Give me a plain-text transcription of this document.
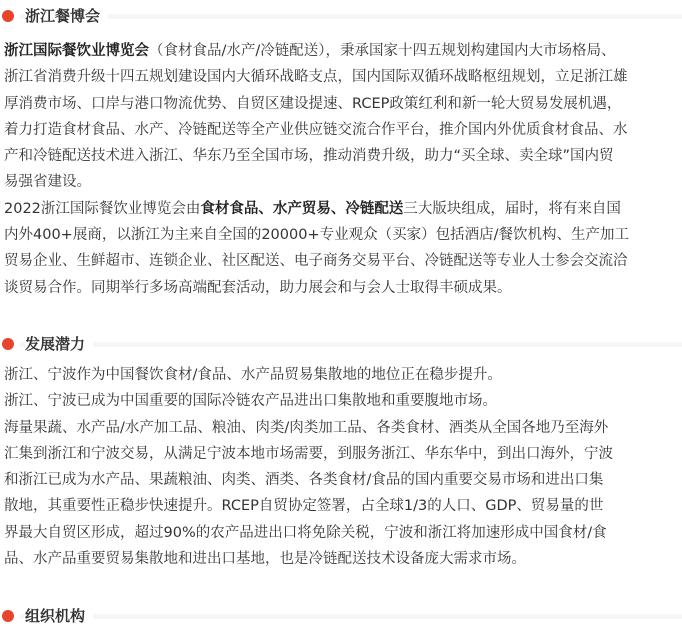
浙江餐博会
浙江国际餐饮业博览会（食材食品/水产/冷链配送），秉承国家十四五规划构建国内大市场格局、
浙江省消费升级十四五规划建设国内大循环战略支点，国内国际双循环战略枢纽规划，立足浙江雄
厚消费市场、口岸与港口物流优势、自贸区建设提速、RCEP政策红利和新一轮大贸易发展机遇，
着力打造食材食品、水产、冷链配送等全产业供应链交流合作平台，推介国内外优质食材食品、水
产和冷链配送技术进入浙江、华东乃至全国市场，推动消费升级，助力“买全球、卖全球”国内贸
易强省建设。
2022浙江国际餐饮业博览会由食材食品、水产贸易、冷链配送三大版块组成，届时，将有来自国
内外400+展商，以浙江为主来自全国的20000+专业观众（买家）包括酒店/餐饮机构、生产加工
贸易企业、生鲜超市、连锁企业、社区配送、电子商务交易平台、冷链配送等专业人士参会交流洽
谈贸易合作。同期举行多场高端配套活动，助力展会和与会人士取得丰硕成果。
发展潜力
浙江、宁波作为中国餐饮食材/食品、水产品贸易集散地的地位正在稳步提升。
浙江、宁波已成为中国重要的国际冷链农产品进出口集散地和重要腹地市场。
海量果蔬、水产品/水产加工品、粮油、肉类/肉类加工品、各类食材、酒类从全国各地乃至海外
汇集到浙江和宁波交易，从满足宁波本地市场需要，到服务浙江、华东华中，到出口海外，宁波
和浙江已成为水产品、果蔬粮油、肉类、酒类、各类食材/食品的国内重要交易市场和进出口集
散地，其重要性正稳步快速提升。RCEP自贸协定签署，占全球1/3的人口、GDP、贸易量的世
界最大自贸区形成，超过90%的农产品进出口将免除关税，宁波和浙江将加速形成中国食材/食
品、水产品重要贸易集散地和进出口基地，也是冷链配送技术设备庞大需求市场。
组织机构
